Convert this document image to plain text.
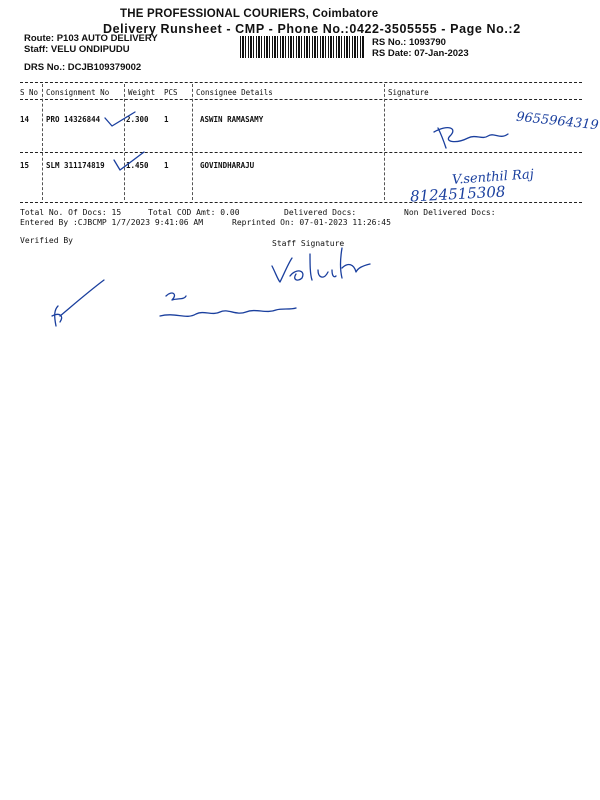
THE PROFESSIONAL COURIERS, Coimbatore
Delivery Runsheet - CMP - Phone No.:0422-3505555 - Page No.:2
Route: P103 AUTO DELIVERY
Staff: VELU ONDIPUDU
DRS No.: DCJB109379002
RS No.: 1093790
RS Date: 07-Jan-2023
S No Consignment No	Weight PCS Consignee Details	Signature
14 PRO 14326844	2.300 1	ASWIN RAMASAMY	9655964319
15 SLM 311174819	1.450 1	GOVINDHARAJU
V.senthil Raj
8124515308
Total No. Of Docs: 15	Total COD Amt: 0.00	Delivered Docs:	Non Delivered Docs:
Entered By :CJBCMP 1/7/2023 9:41:06 AM	Reprinted On: 07-01-2023 11:26:45
Verified By	Staff Signature
